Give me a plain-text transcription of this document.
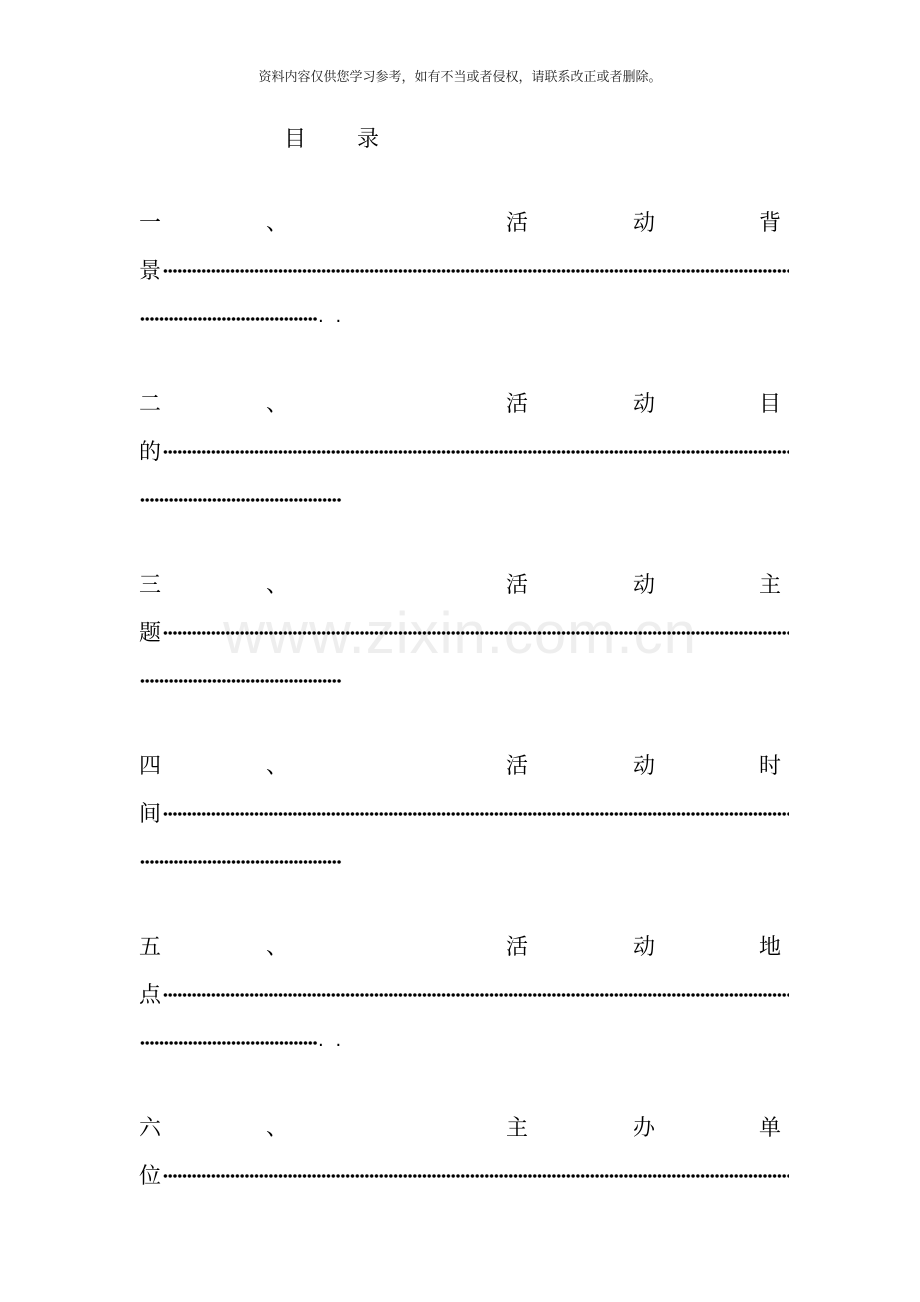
资料内容仅供您学习参考，如有不当或者侵权，请联系改正或者删除。
目 录
www.zixin.com.cn
一	、	活	动	背
景
. .
二	、	活	动	目
的
三	、	活	动	主
题
四	、	活	动	时
间
五	、	活	动	地
点
. .
六	、	主	办	单
位
